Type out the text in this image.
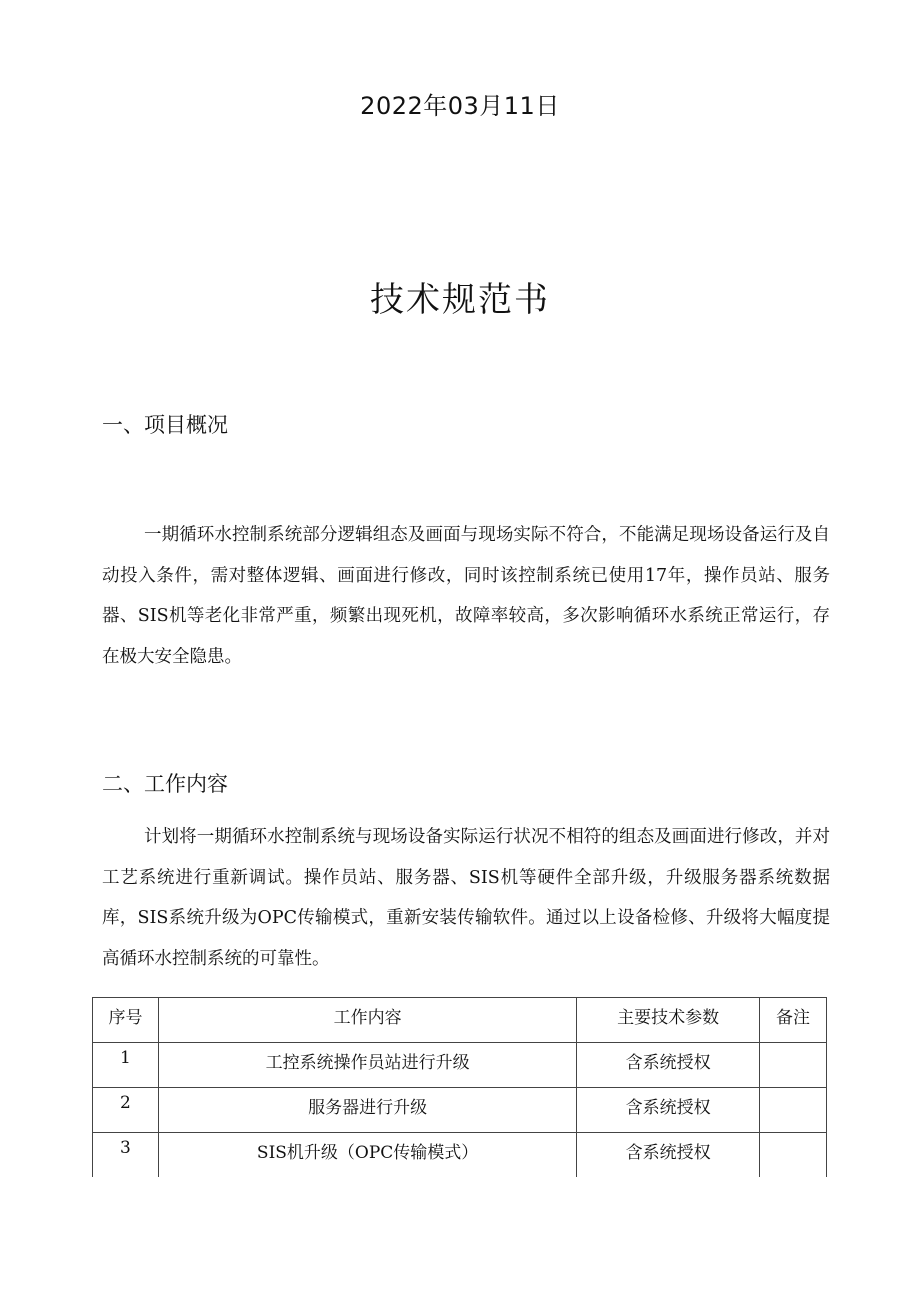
2022年03月11日
技术规范书
一、项目概况
一期循环水控制系统部分逻辑组态及画面与现场实际不符合，不能满足现场设备运行及自动投入条件，需对整体逻辑、画面进行修改，同时该控制系统已使用17年，操作员站、服务器、SIS机等老化非常严重，频繁出现死机，故障率较高，多次影响循环水系统正常运行，存在极大安全隐患。
二、工作内容
计划将一期循环水控制系统与现场设备实际运行状况不相符的组态及画面进行修改，并对工艺系统进行重新调试。操作员站、服务器、SIS机等硬件全部升级，升级服务器系统数据库，SIS系统升级为OPC传输模式，重新安装传输软件。通过以上设备检修、升级将大幅度提高循环水控制系统的可靠性。
序号	工作内容	主要技术参数	备注
1	工控系统操作员站进行升级	含系统授权	
2	服务器进行升级	含系统授权	
3	SIS机升级（OPC传输模式）	含系统授权	
